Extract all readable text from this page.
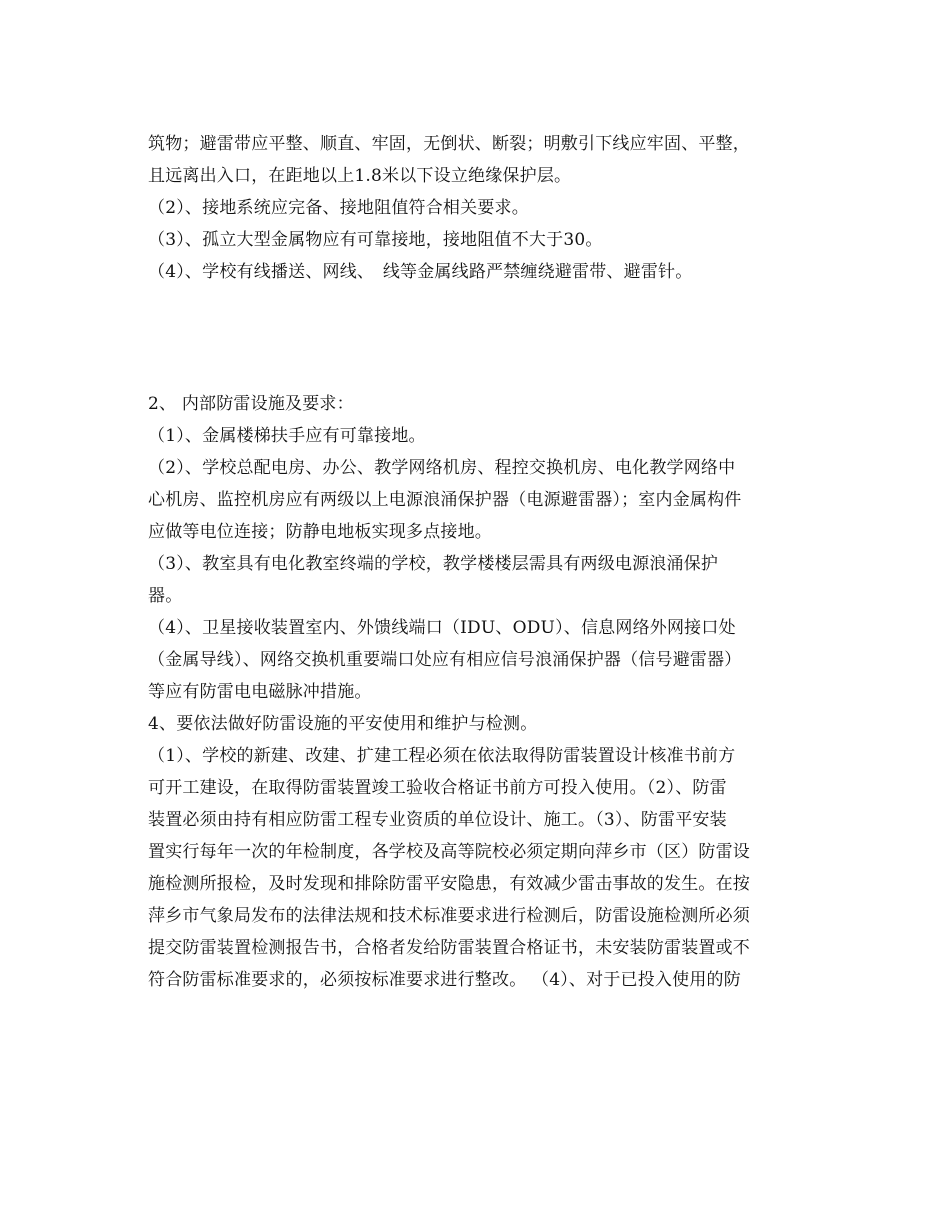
筑物；避雷带应平整、顺直、牢固，无倒状、断裂；明敷引下线应牢固、平整，
且远离出入口，在距地以上1.8米以下设立绝缘保护层。
（2）、接地系统应完备、接地阻值符合相关要求。
（3）、孤立大型金属物应有可靠接地，接地阻值不大于30。
（4）、学校有线播送、网线、　线等金属线路严禁缠绕避雷带、避雷针。
2、 内部防雷设施及要求：
（1）、金属楼梯扶手应有可靠接地。
（2）、学校总配电房、办公、教学网络机房、程控交换机房、电化教学网络中
心机房、监控机房应有两级以上电源浪涌保护器（电源避雷器）；室内金属构件
应做等电位连接；防静电地板实现多点接地。
（3）、教室具有电化教室终端的学校，教学楼楼层需具有两级电源浪涌保护
器。
（4）、卫星接收装置室内、外馈线端口（IDU、ODU）、信息网络外网接口处
（金属导线）、网络交换机重要端口处应有相应信号浪涌保护器（信号避雷器）
等应有防雷电电磁脉冲措施。
4、要依法做好防雷设施的平安使用和维护与检测。
（1）、学校的新建、改建、扩建工程必须在依法取得防雷装置设计核准书前方
可开工建设，在取得防雷装置竣工验收合格证书前方可投入使用。（2）、防雷
装置必须由持有相应防雷工程专业资质的单位设计、施工。（3）、防雷平安装
置实行每年一次的年检制度，各学校及高等院校必须定期向萍乡市（区）防雷设
施检测所报检，及时发现和排除防雷平安隐患，有效减少雷击事故的发生。在按
萍乡市气象局发布的法律法规和技术标准要求进行检测后，防雷设施检测所必须
提交防雷装置检测报告书，合格者发给防雷装置合格证书，未安装防雷装置或不
符合防雷标准要求的，必须按标准要求进行整改。 （4）、对于已投入使用的防
